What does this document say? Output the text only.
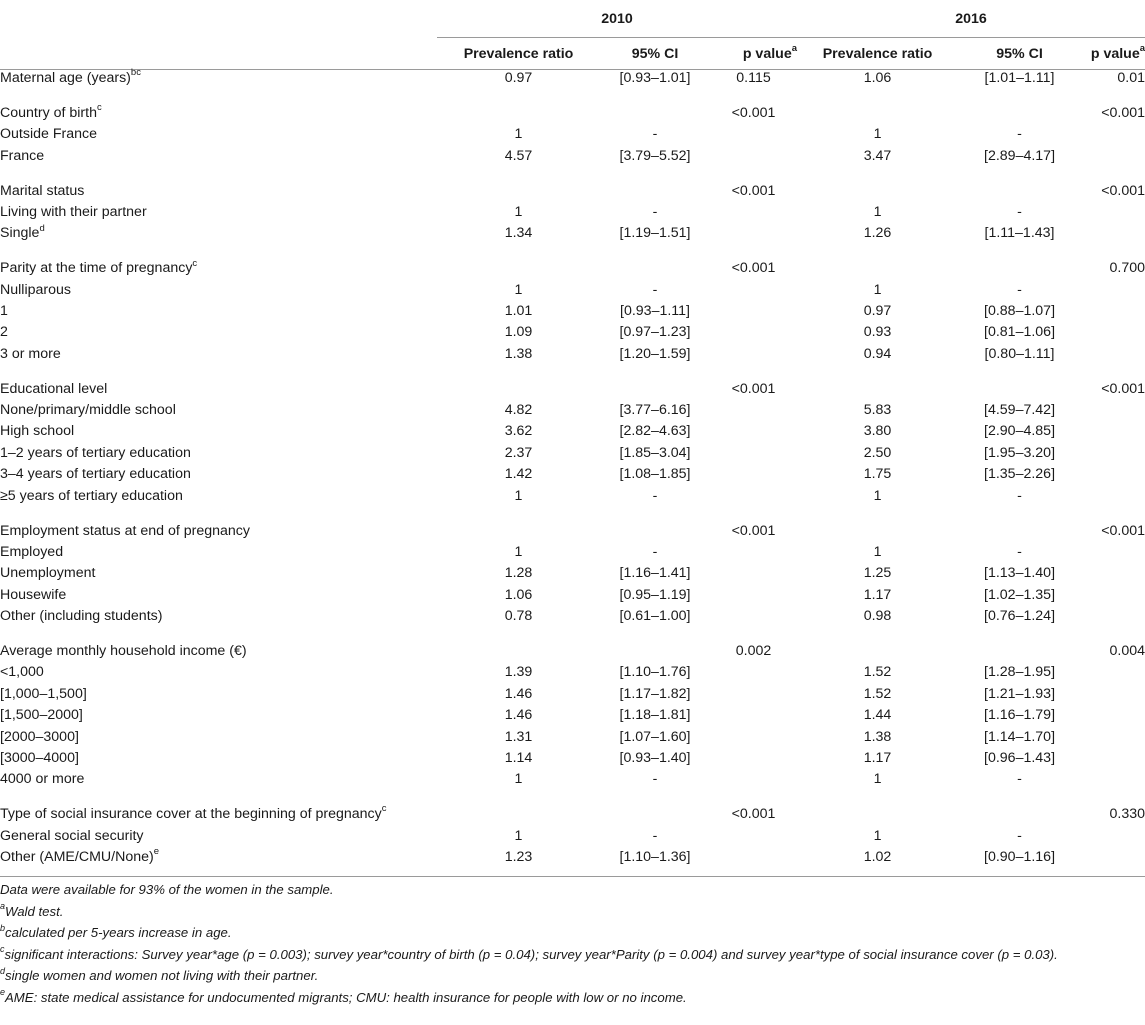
	2010			2016		
	Prevalence ratio	95% CI	p value$^a$	Prevalence ratio	95% CI	p value$^a$
Maternal age (years)$^{bc}$	0.97	[0.93–1.01]	0.115	1.06	[1.01–1.11]	0.01

Country of birth$^c$			<0.001			<0.001
Outside France	1	-		1	-	
France	4.57	[3.79–5.52]		3.47	[2.89–4.17]	

Marital status			<0.001			<0.001
Living with their partner	1	-		1	-	
Single$^d$	1.34	[1.19–1.51]		1.26	[1.11–1.43]	

Parity at the time of pregnancy$^c$			<0.001			0.700
Nulliparous	1	-		1	-	
1	1.01	[0.93–1.11]		0.97	[0.88–1.07]	
2	1.09	[0.97–1.23]		0.93	[0.81–1.06]	
3 or more	1.38	[1.20–1.59]		0.94	[0.80–1.11]	

Educational level			<0.001			<0.001
None/primary/middle school	4.82	[3.77–6.16]		5.83	[4.59–7.42]	
High school	3.62	[2.82–4.63]		3.80	[2.90–4.85]	
1–2 years of tertiary education	2.37	[1.85–3.04]		2.50	[1.95–3.20]	
3–4 years of tertiary education	1.42	[1.08–1.85]		1.75	[1.35–2.26]	
≥5 years of tertiary education	1	-		1	-	

Employment status at end of pregnancy			<0.001			<0.001
Employed	1	-		1	-	
Unemployment	1.28	[1.16–1.41]		1.25	[1.13–1.40]	
Housewife	1.06	[0.95–1.19]		1.17	[1.02–1.35]	
Other (including students)	0.78	[0.61–1.00]		0.98	[0.76–1.24]	

Average monthly household income (€)			0.002			0.004
<1,000	1.39	[1.10–1.76]		1.52	[1.28–1.95]	
[1,000–1,500]	1.46	[1.17–1.82]		1.52	[1.21–1.93]	
[1,500–2000]	1.46	[1.18–1.81]		1.44	[1.16–1.79]	
[2000–3000]	1.31	[1.07–1.60]		1.38	[1.14–1.70]	
[3000–4000]	1.14	[0.93–1.40]		1.17	[0.96–1.43]	
4000 or more	1	-		1	-	

Type of social insurance cover at the beginning of pregnancy$^c$			<0.001			0.330
General social security	1	-		1	-	
Other (AME/CMU/None)$^e$	1.23	[1.10–1.36]		1.02	[0.90–1.16]	

Data were available for 93% of the women in the sample.
$^a$Wald test.
$^b$calculated per 5-years increase in age.
$^c$significant interactions: Survey year*age (p = 0.003); survey year*country of birth (p = 0.04); survey year*Parity (p = 0.004) and survey year*type of social insurance cover (p = 0.03).
$^d$single women and women not living with their partner.
$^e$AME: state medical assistance for undocumented migrants; CMU: health insurance for people with low or no income.
